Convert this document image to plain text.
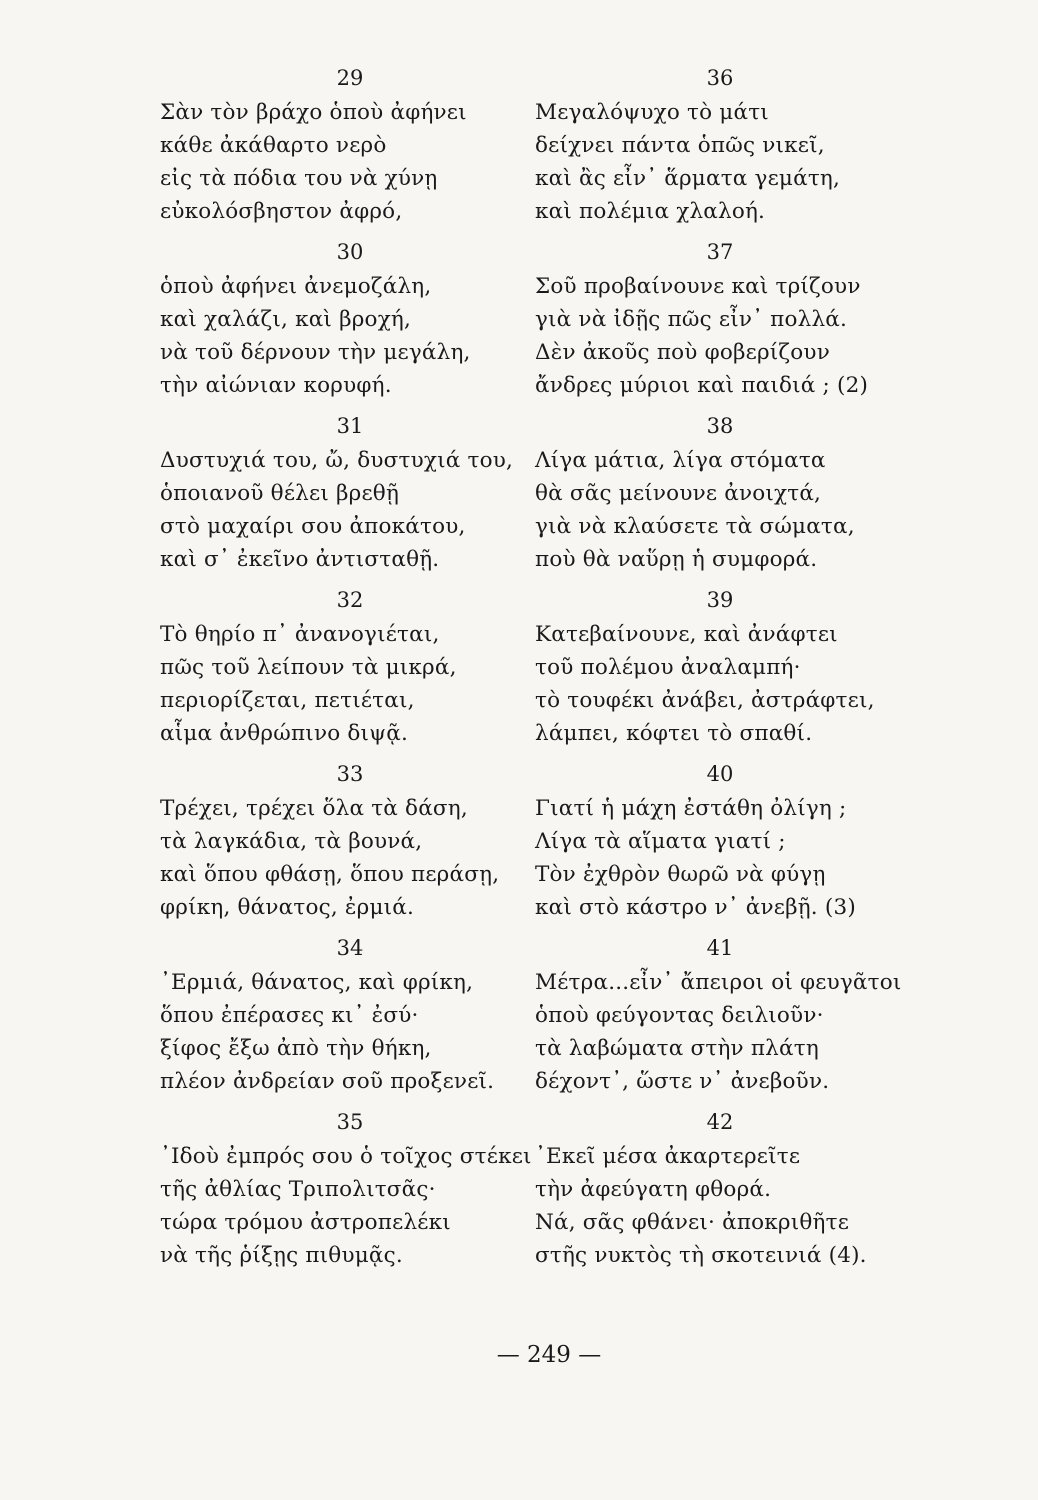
29
Σὰν τὸν βράχο ὁποὺ ἀφήνει
κάθε ἀκάθαρτο νερὸ
εἰς τὰ πόδια του νὰ χύνῃ
εὐκολόσβηστον ἀφρό,
30
ὁποὺ ἀφήνει ἀνεμοζάλη,
καὶ χαλάζι, καὶ βροχή,
νὰ τοῦ δέρνουν τὴν μεγάλη,
τὴν αἰώνιαν κορυφή.
31
Δυστυχιά του, ὤ, δυστυχιά του,
ὁποιανοῦ θέλει βρεθῇ
στὸ μαχαίρι σου ἀποκάτου,
καὶ σ᾽ ἐκεῖνο ἀντισταθῇ.
32
Τὸ θηρίο π᾽ ἀνανογιέται,
πῶς τοῦ λείπουν τὰ μικρά,
περιορίζεται, πετιέται,
αἷμα ἀνθρώπινο διψᾷ.
33
Τρέχει, τρέχει ὅλα τὰ δάση,
τὰ λαγκάδια, τὰ βουνά,
καὶ ὅπου φθάσῃ, ὅπου περάσῃ,
φρίκη, θάνατος, ἐρμιά.
34
᾽Ερμιά, θάνατος, καὶ φρίκη,
ὅπου ἐπέρασες κι᾽ ἐσύ·
ξίφος ἔξω ἀπὸ τὴν θήκη,
πλέον ἀνδρείαν σοῦ προξενεῖ.
35
᾽Ιδοὺ ἐμπρός σου ὁ τοῖχος στέκει
τῆς ἀθλίας Τριπολιτσᾶς·
τώρα τρόμου ἀστροπελέκι
νὰ τῆς ῥίξῃς πιθυμᾷς.
36
Μεγαλόψυχο τὸ μάτι
δείχνει πάντα ὁπῶς νικεῖ,
καὶ ἂς εἶν᾽ ἅρματα γεμάτη,
καὶ πολέμια χλαλοή.
37
Σοῦ προβαίνουνε καὶ τρίζουν
γιὰ νὰ ἰδῇς πῶς εἶν᾽ πολλά.
Δὲν ἀκοῦς ποὺ φοβερίζουν
ἄνδρες μύριοι καὶ παιδιά ; (2)
38
Λίγα μάτια, λίγα στόματα
θὰ σᾶς μείνουνε ἀνοιχτά,
γιὰ νὰ κλαύσετε τὰ σώματα,
ποὺ θὰ ναὕρῃ ἡ συμφορά.
39
Κατεβαίνουνε, καὶ ἀνάφτει
τοῦ πολέμου ἀναλαμπή·
τὸ τουφέκι ἀνάβει, ἀστράφτει,
λάμπει, κόφτει τὸ σπαθί.
40
Γιατί ἡ μάχη ἐστάθη ὀλίγη ;
Λίγα τὰ αἵματα γιατί ;
Τὸν ἐχθρὸν θωρῶ νὰ φύγῃ
καὶ στὸ κάστρο ν᾽ ἀνεβῇ. (3)
41
Μέτρα...εἶν᾽ ἄπειροι οἱ φευγᾶτοι
ὁποὺ φεύγοντας δειλιοῦν·
τὰ λαβώματα στὴν πλάτη
δέχοντ᾽, ὥστε ν᾽ ἀνεβοῦν.
42
᾽Εκεῖ μέσα ἀκαρτερεῖτε
τὴν ἀφεύγατη φθορά.
Νά, σᾶς φθάνει· ἀποκριθῆτε
στῆς νυκτὸς τὴ σκοτεινιά (4).
— 249 —
